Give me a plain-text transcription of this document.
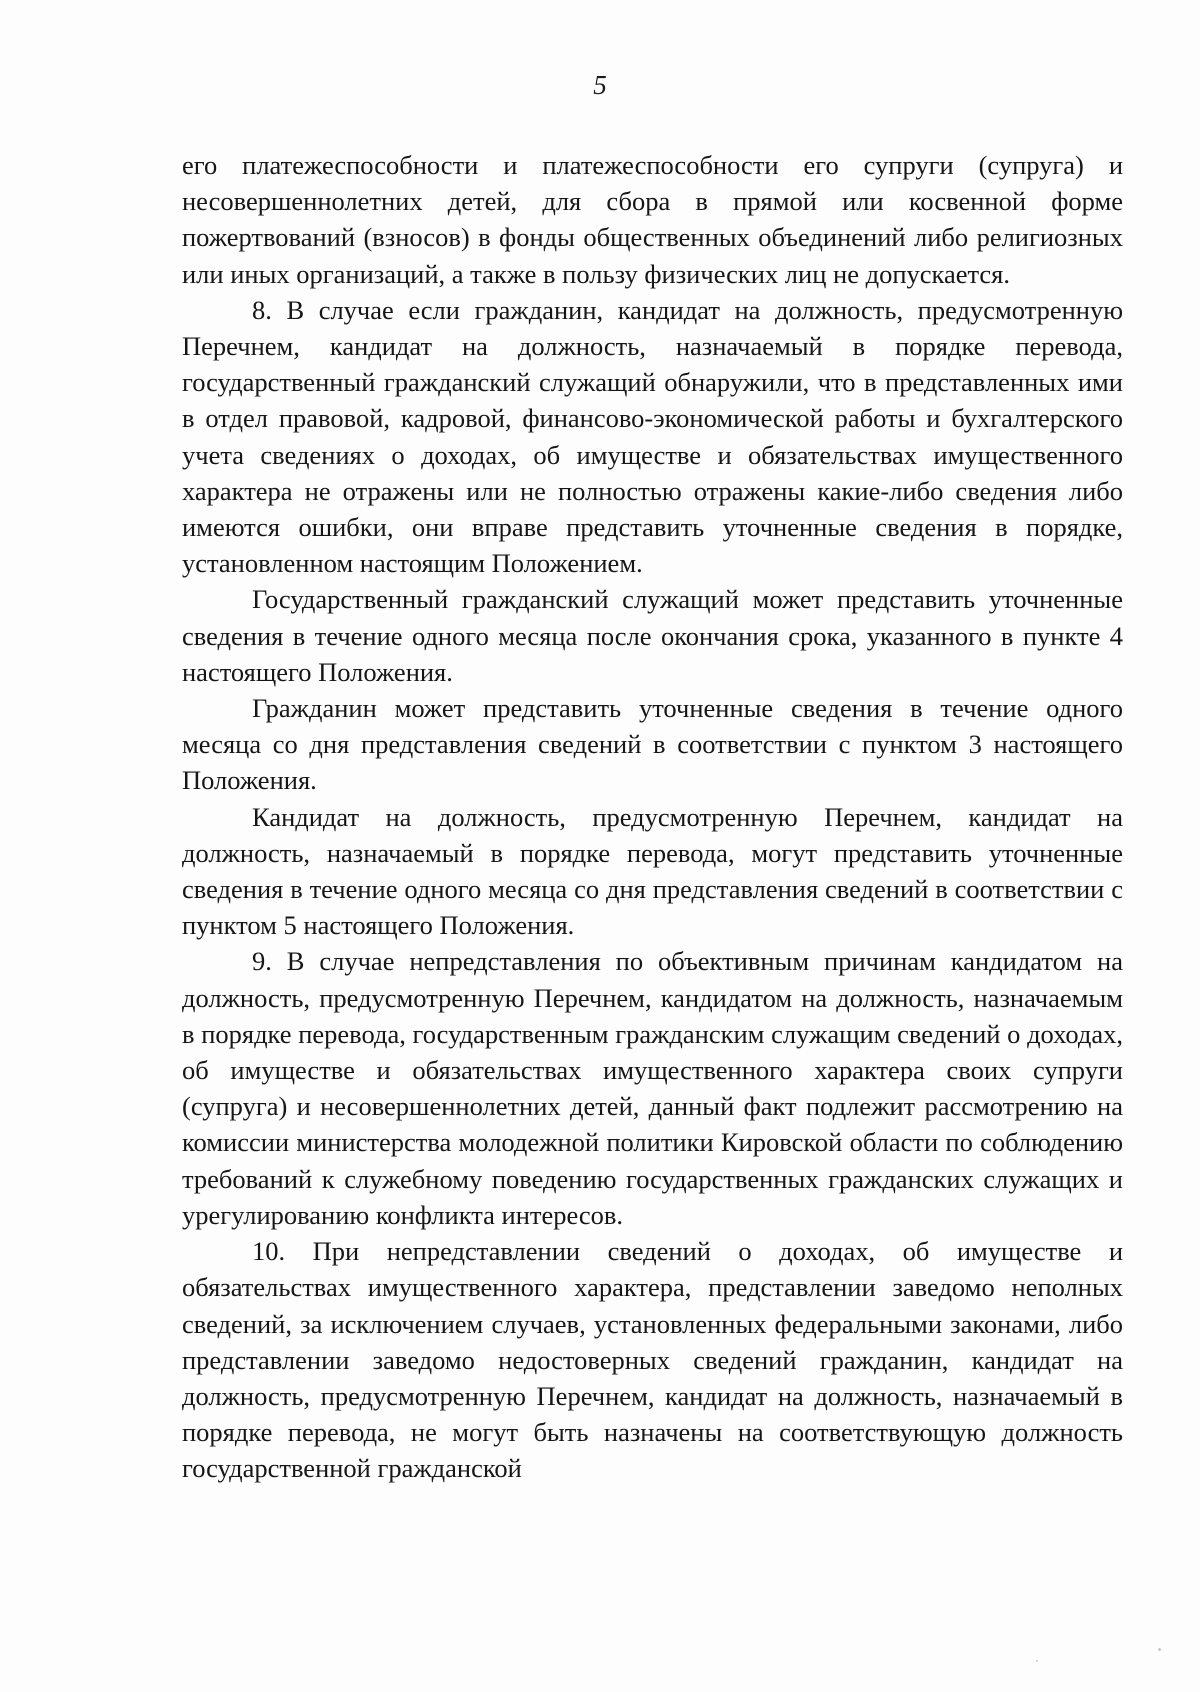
5

его платежеспособности и платежеспособности его супруги (супруга) и несовершеннолетних детей, для сбора в прямой или косвенной форме пожертвований (взносов) в фонды общественных объединений либо религиозных или иных организаций, а также в пользу физических лиц не допускается.

8. В случае если гражданин, кандидат на должность, предусмотренную Перечнем, кандидат на должность, назначаемый в порядке перевода, государственный гражданский служащий обнаружили, что в представленных ими в отдел правовой, кадровой, финансово-экономической работы и бухгалтерского учета сведениях о доходах, об имуществе и обязательствах имущественного характера не отражены или не полностью отражены какие-либо сведения либо имеются ошибки, они вправе представить уточненные сведения в порядке, установленном настоящим Положением.

Государственный гражданский служащий может представить уточненные сведения в течение одного месяца после окончания срока, указанного в пункте 4 настоящего Положения.

Гражданин может представить уточненные сведения в течение одного месяца со дня представления сведений в соответствии с пунктом 3 настоящего Положения.

Кандидат на должность, предусмотренную Перечнем, кандидат на должность, назначаемый в порядке перевода, могут представить уточненные сведения в течение одного месяца со дня представления сведений в соответствии с пунктом 5 настоящего Положения.

9. В случае непредставления по объективным причинам кандидатом на должность, предусмотренную Перечнем, кандидатом на должность, назначаемым в порядке перевода, государственным гражданским служащим сведений о доходах, об имуществе и обязательствах имущественного характера своих супруги (супруга) и несовершеннолетних детей, данный факт подлежит рассмотрению на комиссии министерства молодежной политики Кировской области по соблюдению требований к служебному поведению государственных гражданских служащих и урегулированию конфликта интересов.

10. При непредставлении сведений о доходах, об имуществе и обязательствах имущественного характера, представлении заведомо неполных сведений, за исключением случаев, установленных федеральными законами, либо представлении заведомо недостоверных сведений гражданин, кандидат на должность, предусмотренную Перечнем, кандидат на должность, назначаемый в порядке перевода, не могут быть назначены на соответствующую должность государственной гражданской
